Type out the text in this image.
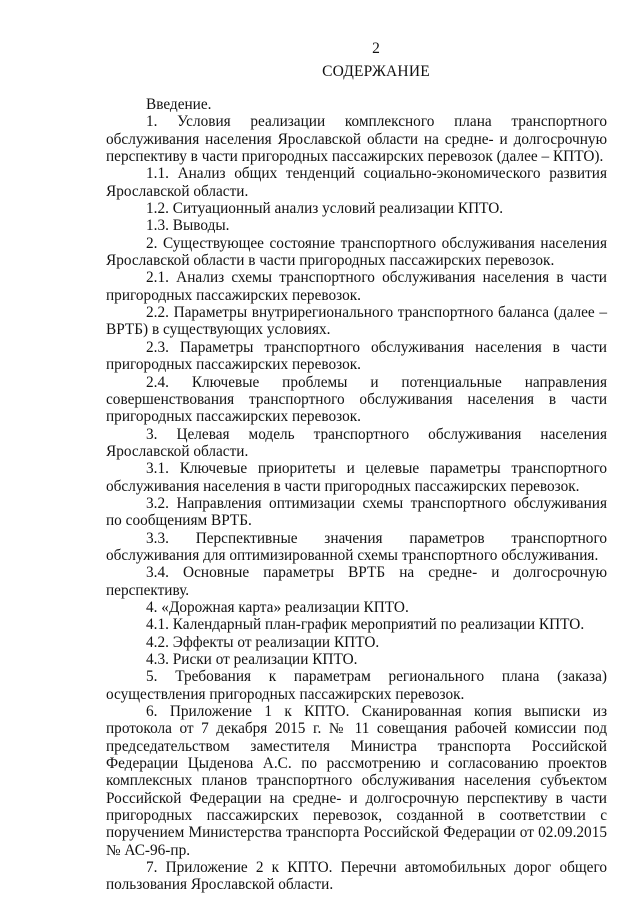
2
СОДЕРЖАНИЕ

Введение.

1. Условия реализации комплексного плана транспортного обслуживания населения Ярославской области на средне- и долгосрочную перспективу в части пригородных пассажирских перевозок (далее – КПТО).

1.1. Анализ общих тенденций социально-экономического развития Ярославской области.

1.2. Ситуационный анализ условий реализации КПТО.

1.3. Выводы.

2. Существующее состояние транспортного обслуживания населения Ярославской области в части пригородных пассажирских перевозок.

2.1. Анализ схемы транспортного обслуживания населения в части пригородных пассажирских перевозок.

2.2. Параметры внутрирегионального транспортного баланса (далее – ВРТБ) в существующих условиях.

2.3. Параметры транспортного обслуживания населения в части пригородных пассажирских перевозок.

2.4. Ключевые проблемы и потенциальные направления совершенствования транспортного обслуживания населения в части пригородных пассажирских перевозок.

3. Целевая модель транспортного обслуживания населения Ярославской области.

3.1. Ключевые приоритеты и целевые параметры транспортного обслуживания населения в части пригородных пассажирских перевозок.

3.2. Направления оптимизации схемы транспортного обслуживания по сообщениям ВРТБ.

3.3. Перспективные значения параметров транспортного обслуживания для оптимизированной схемы транспортного обслуживания.

3.4. Основные параметры ВРТБ на средне- и долгосрочную перспективу.

4. «Дорожная карта» реализации КПТО.

4.1. Календарный план-график мероприятий по реализации КПТО.

4.2. Эффекты от реализации КПТО.

4.3. Риски от реализации КПТО.

5. Требования к параметрам регионального плана (заказа) осуществления пригородных пассажирских перевозок.

6. Приложение 1 к КПТО. Сканированная копия выписки из протокола от 7 декабря 2015 г. № 11 совещания рабочей комиссии под председательством заместителя Министра транспорта Российской Федерации Цыденова А.С. по рассмотрению и согласованию проектов комплексных планов транспортного обслуживания населения субъектом Российской Федерации на средне- и долгосрочную перспективу в части пригородных пассажирских перевозок, созданной в соответствии с поручением Министерства транспорта Российской Федерации от 02.09.2015 № АС-96-пр.

7. Приложение 2 к КПТО. Перечни автомобильных дорог общего пользования Ярославской области.
